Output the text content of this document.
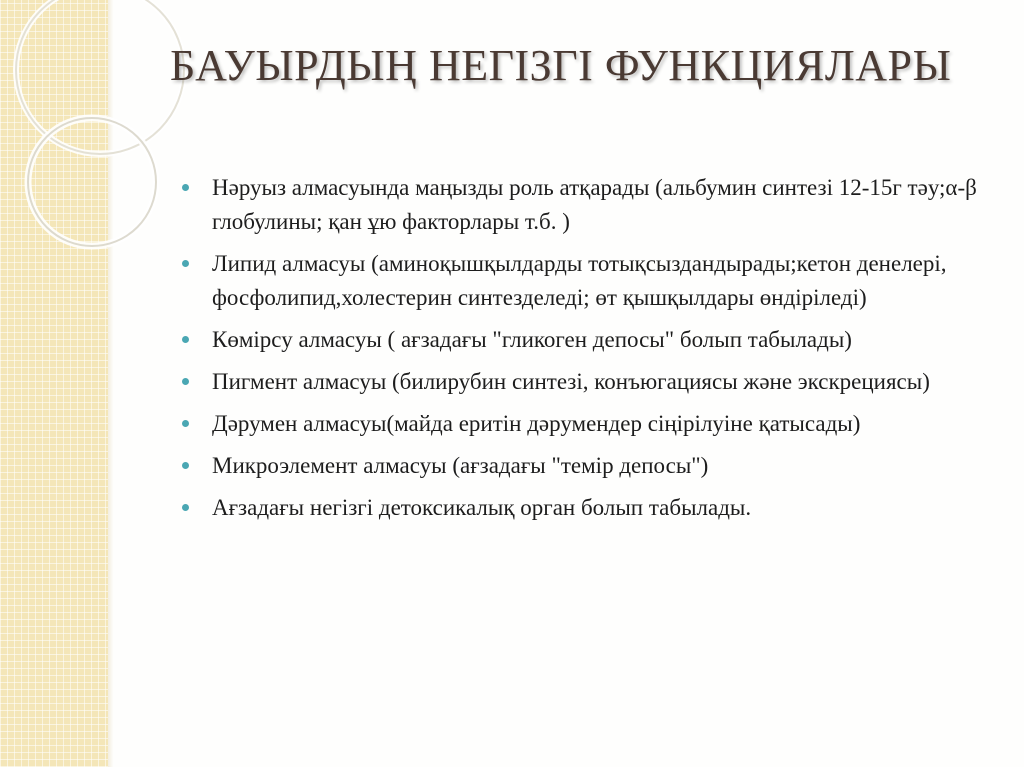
БАУЫРДЫҢ НЕГІЗГІ ФУНКЦИЯЛАРЫ
Нәруыз алмасуында маңызды роль атқарады (альбумин синтезі 12-15г тәу;α-β глобулины; қан ұю факторлары т.б. )
Липид алмасуы (аминоқышқылдарды тотықсыздандырады;кетон денелері, фосфолипид,холестерин синтезделеді; өт қышқылдары өндіріледі)
Көмірсу алмасуы ( ағзадағы "гликоген депосы" болып табылады)
Пигмент алмасуы (билирубин синтезі, конъюгациясы және экскрециясы)
Дәрумен алмасуы(майда еритін дәрумендер сіңірілуіне қатысады)
Микроэлемент алмасуы (ағзадағы "темір депосы")
Ағзадағы негізгі детоксикалық орган болып табылады.
